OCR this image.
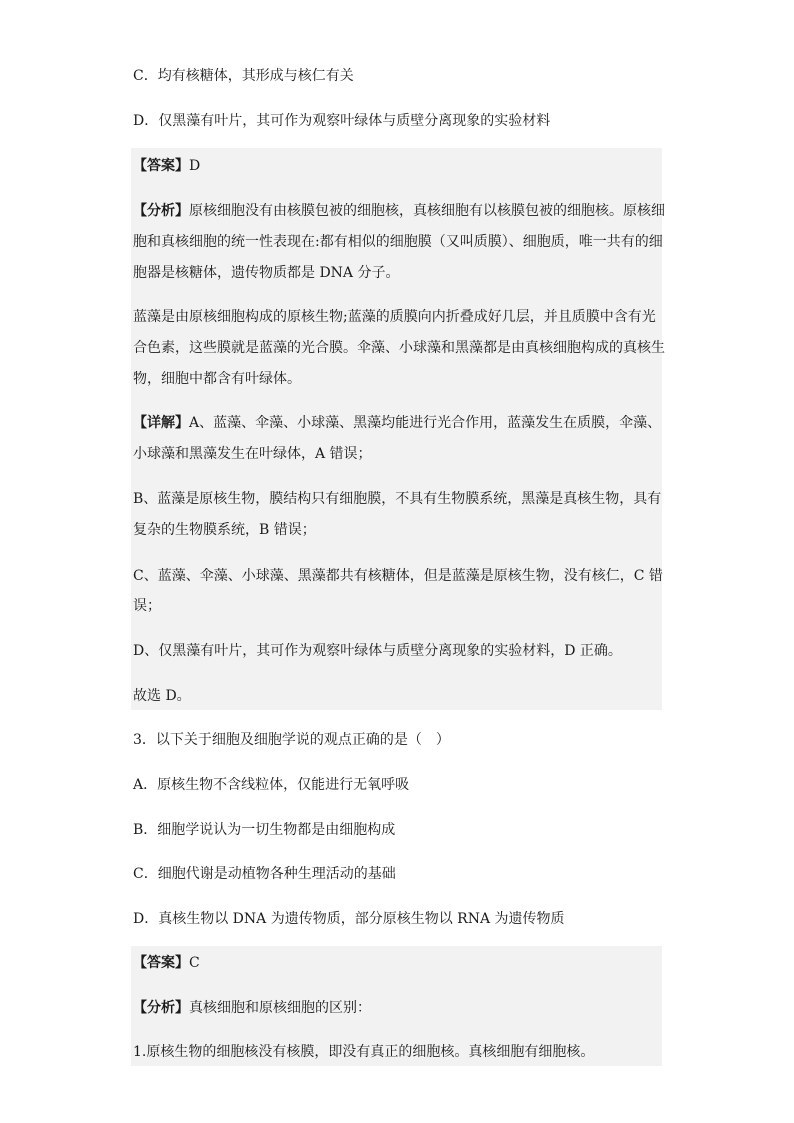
C．均有核糖体，其形成与核仁有关
D．仅黑藻有叶片，其可作为观察叶绿体与质壁分离现象的实验材料
【答案】D
【分析】原核细胞没有由核膜包被的细胞核，真核细胞有以核膜包被的细胞核。原核细
胞和真核细胞的统一性表现在:都有相似的细胞膜（又叫质膜）、细胞质，唯一共有的细
胞器是核糖体，遗传物质都是 DNA 分子。
蓝藻是由原核细胞构成的原核生物;蓝藻的质膜向内折叠成好几层，并且质膜中含有光
合色素，这些膜就是蓝藻的光合膜。伞藻、小球藻和黑藻都是由真核细胞构成的真核生
物，细胞中都含有叶绿体。
【详解】A、蓝藻、伞藻、小球藻、黑藻均能进行光合作用，蓝藻发生在质膜，伞藻、
小球藻和黑藻发生在叶绿体，A 错误；
B、蓝藻是原核生物，膜结构只有细胞膜，不具有生物膜系统，黑藻是真核生物，具有
复杂的生物膜系统，B 错误；
C、蓝藻、伞藻、小球藻、黑藻都共有核糖体，但是蓝藻是原核生物，没有核仁，C 错
误；
D、仅黑藻有叶片，其可作为观察叶绿体与质壁分离现象的实验材料，D 正确。
故选 D。
3．以下关于细胞及细胞学说的观点正确的是（　）
A．原核生物不含线粒体，仅能进行无氧呼吸
B．细胞学说认为一切生物都是由细胞构成
C．细胞代谢是动植物各种生理活动的基础
D．真核生物以 DNA 为遗传物质，部分原核生物以 RNA 为遗传物质
【答案】C
【分析】真核细胞和原核细胞的区别：
1.原核生物的细胞核没有核膜，即没有真正的细胞核。真核细胞有细胞核。
